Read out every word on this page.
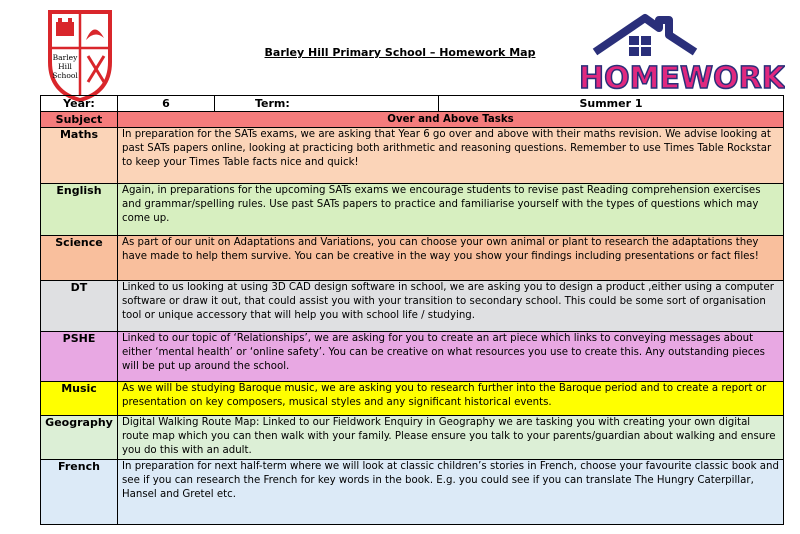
Barley
Hill
School	HOMEWORK
Barley Hill Primary School – Homework Map
Year:	6	Term:	Summer 1
Subject	Over and Above Tasks		
Maths	In preparation for the SATs exams, we are asking that Year 6 go over and above with their maths revision. We advise looking at past SATs papers online, looking at practicing both arithmetic and reasoning questions. Remember to use Times Table Rockstar to keep your Times Table facts nice and quick!		
English	Again, in preparations for the upcoming SATs exams we encourage students to revise past Reading comprehension exercises and grammar/spelling rules. Use past SATs papers to practice and familiarise yourself with the types of questions which may come up.		
Science	As part of our unit on Adaptations and Variations, you can choose your own animal or plant to research the adaptations they have made to help them survive. You can be creative in the way you show your findings including presentations or fact files!		
DT	Linked to us looking at using 3D CAD design software in school, we are asking you to design a product ,either using a computer software or draw it out, that could assist you with your transition to secondary school. This could be some sort of organisation tool or unique accessory that will help you with school life / studying.		
PSHE	Linked to our topic of ‘Relationships’, we are asking for you to create an art piece which links to conveying messages about either ‘mental health’ or ‘online safety’. You can be creative on what resources you use to create this. Any outstanding pieces will be put up around the school.		
Music	As we will be studying Baroque music, we are asking you to research further into the Baroque period and to create a report or presentation on key composers, musical styles and any significant historical events.		
Geography	Digital Walking Route Map: Linked to our Fieldwork Enquiry in Geography we are tasking you with creating your own digital route map which you can then walk with your family. Please ensure you talk to your parents/guardian about walking and ensure you do this with an adult.		
French	In preparation for next half-term where we will look at classic children’s stories in French, choose your favourite classic book and see if you can research the French for key words in the book. E.g. you could see if you can translate The Hungry Caterpillar, Hansel and Gretel etc.		
